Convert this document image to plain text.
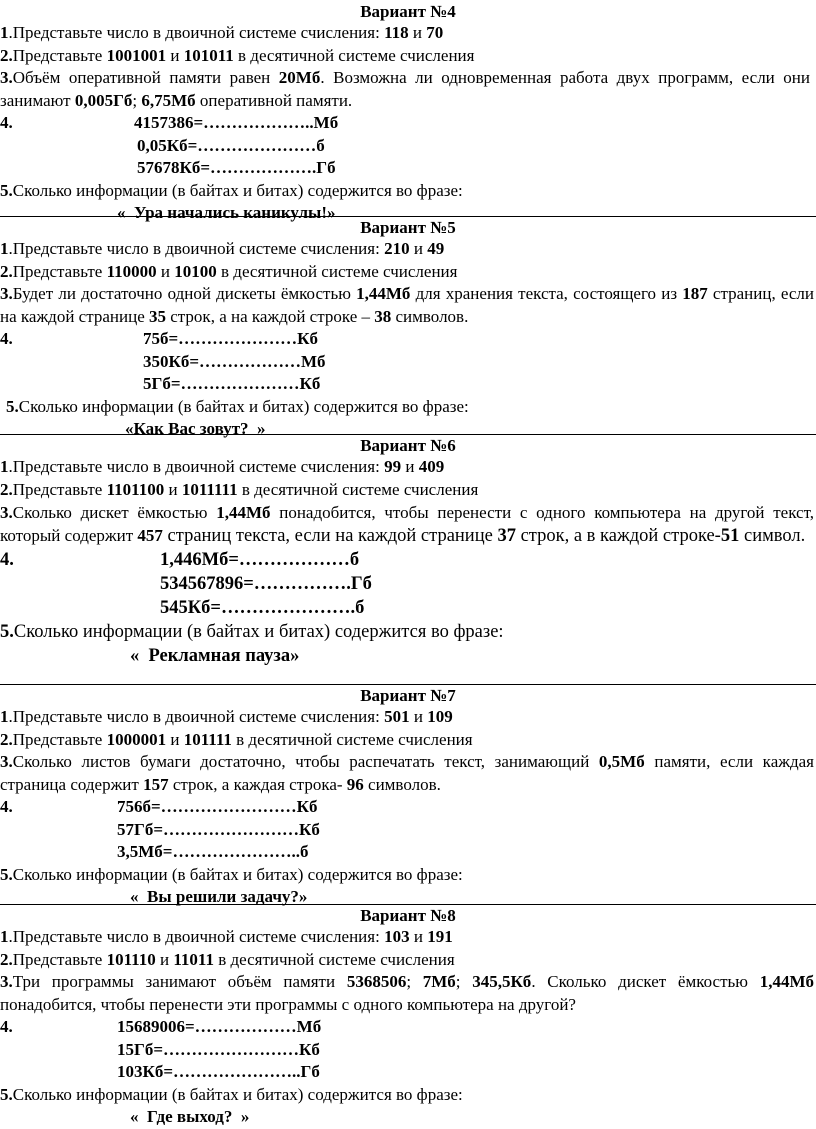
Вариант №4
1.Представьте число в двоичной системе счисления: 118 и 70
2.Представьте 1001001 и 101011 в десятичной системе счисления
3.Объём оперативной памяти равен 20Мб. Возможна ли одновременная работа двух программ, если они занимают 0,005Гб; 6,75Мб оперативной памяти.
4.	4157386=………………..Мб
0,05Кб=…………………б
57678Кб=……………….Гб
5.Сколько информации (в байтах и битах) содержится во фразе:
«  Ура начались каникулы!»
Вариант №5
1.Представьте число в двоичной системе счисления: 210 и 49
2.Представьте 110000 и 10100 в десятичной системе счисления
3.Будет ли достаточно одной дискеты ёмкостью 1,44Мб для хранения текста, состоящего из 187 страниц, если на каждой странице 35 строк, а на каждой строке – 38 символов.
4.	75б=…………………Кб
350Кб=………………Мб
5Гб=…………………Кб
5.Сколько информации (в байтах и битах) содержится во фразе:
«Как Вас зовут?  »
Вариант №6
1.Представьте число в двоичной системе счисления: 99 и 409
2.Представьте 1101100 и 1011111 в десятичной системе счисления
3.Сколько дискет ёмкостью 1,44Мб понадобится, чтобы перенести с одного компьютера на другой текст, который содержит 457 страниц текста, если на каждой странице 37 строк, а в каждой строке-51 символ.
4.	1,446Мб=………………б
534567896=…………….Гб
545Кб=………………….б
5.Сколько информации (в байтах и битах) содержится во фразе:
«  Рекламная пауза»
Вариант №7
1.Представьте число в двоичной системе счисления: 501 и 109
2.Представьте 1000001 и 101111 в десятичной системе счисления
3.Сколько листов бумаги достаточно, чтобы распечатать текст, занимающий 0,5Мб памяти, если каждая страница содержит 157 строк, а каждая строка- 96 символов.
4.	756б=……………………Кб
57Гб=……………………Кб
3,5Мб=…………………..б
5.Сколько информации (в байтах и битах) содержится во фразе:
«  Вы решили задачу?»
Вариант №8
1.Представьте число в двоичной системе счисления: 103 и 191
2.Представьте 101110 и 11011 в десятичной системе счисления
3.Три программы занимают объём памяти 5368506; 7Мб; 345,5Кб. Сколько дискет ёмкостью 1,44Мб понадобится, чтобы перенести эти программы с одного компьютера на другой?
4.	15689006=………………Мб
15Гб=……………………Кб
103Кб=…………………..Гб
5.Сколько информации (в байтах и битах) содержится во фразе:
«  Где выход?  »
